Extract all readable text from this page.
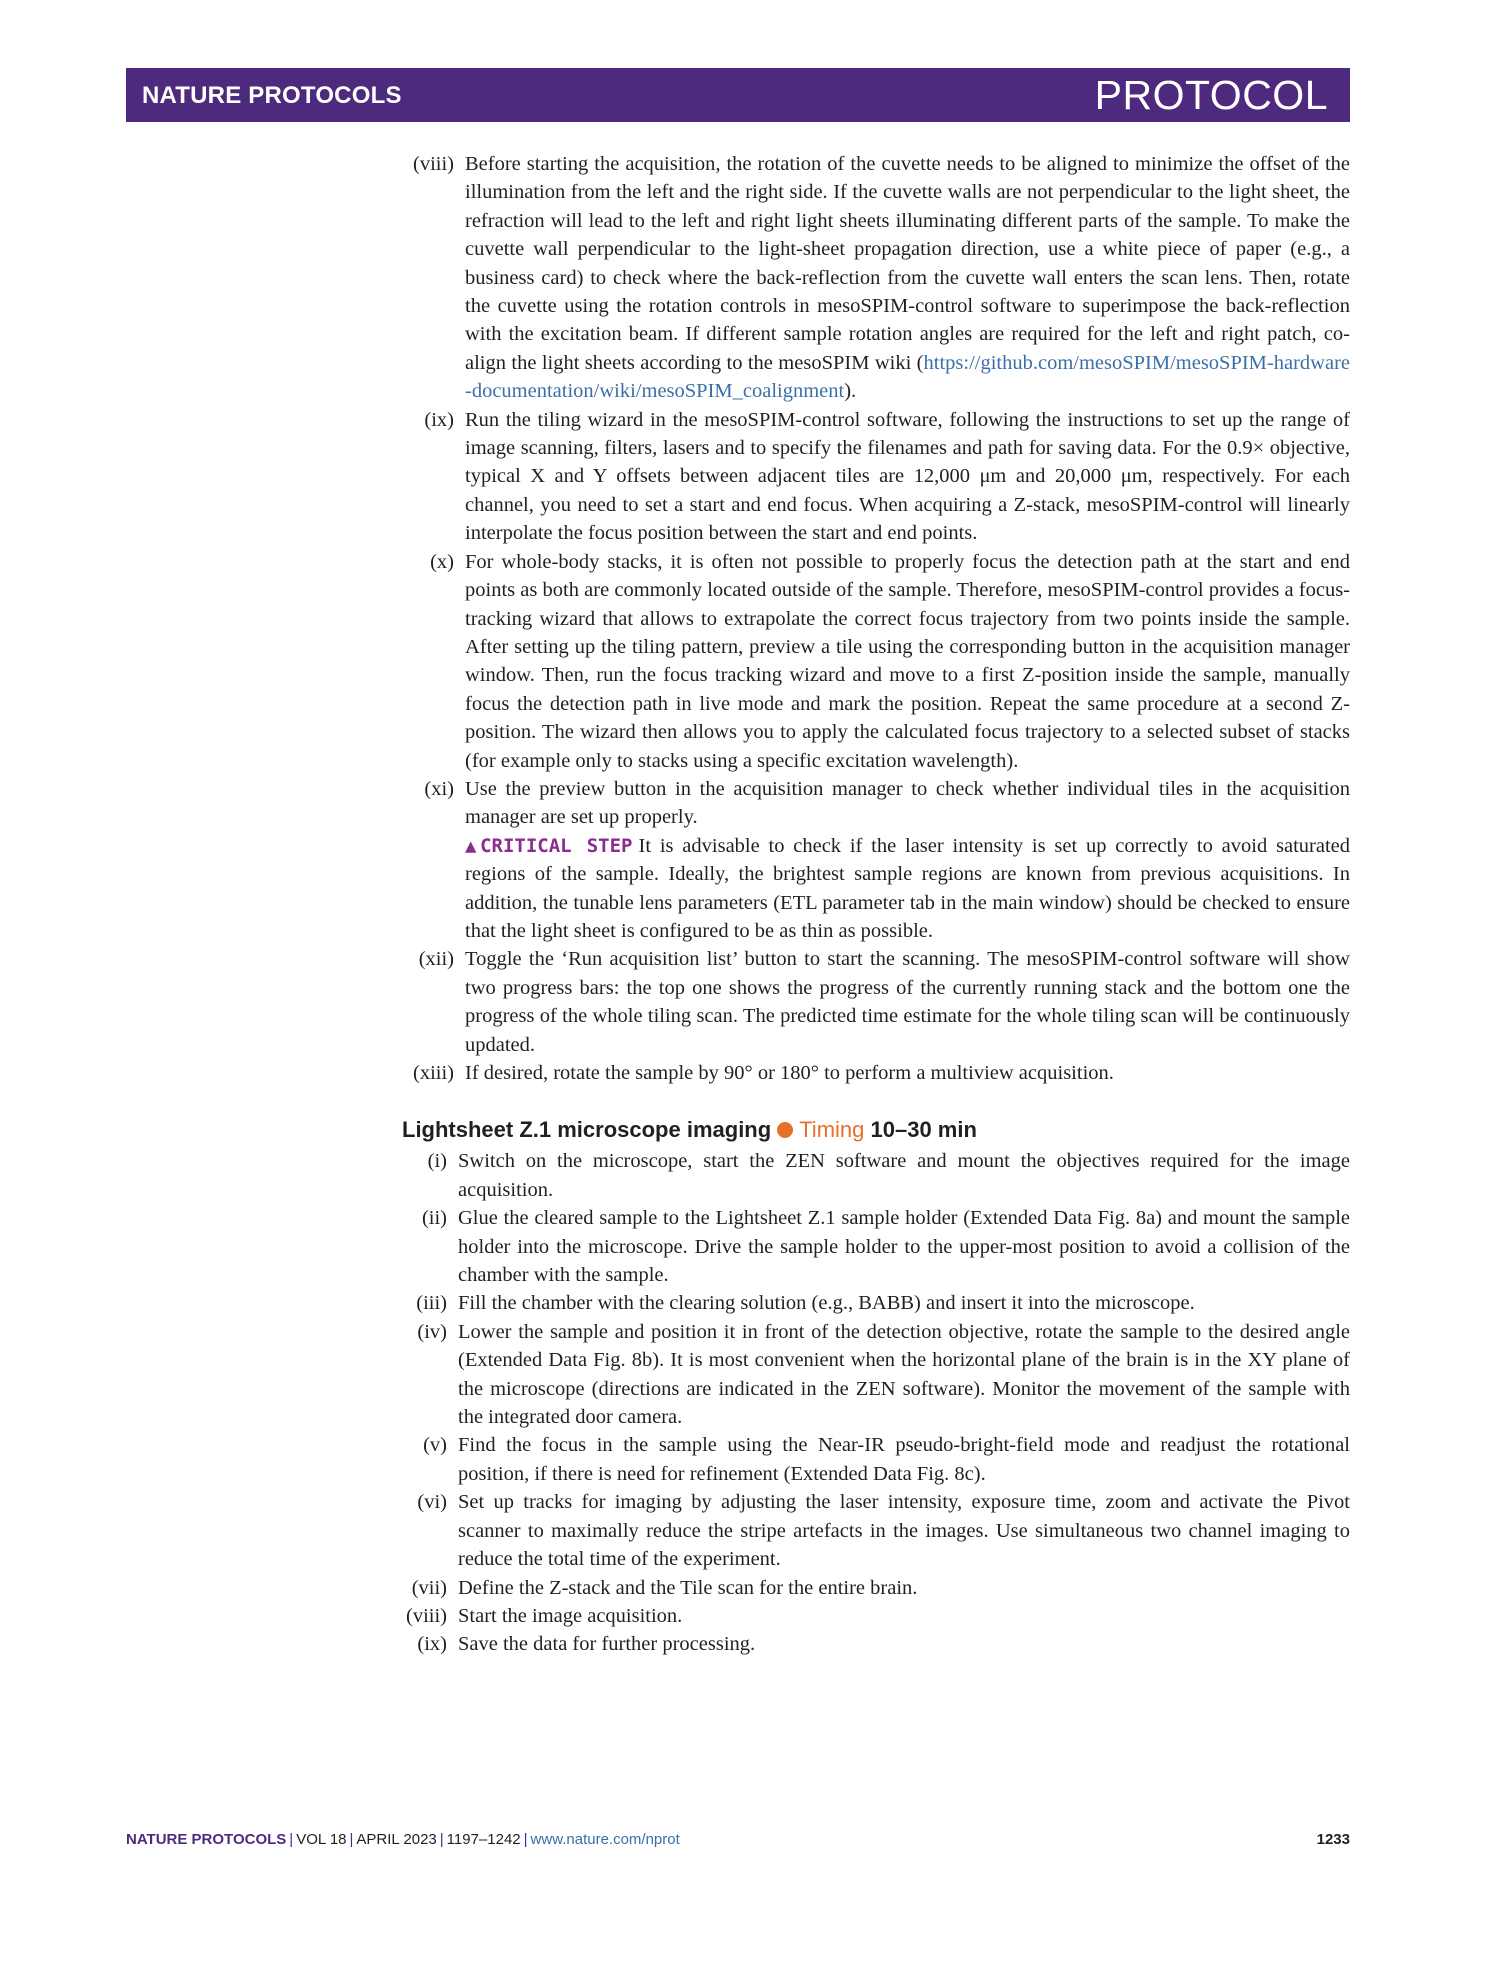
NATURE PROTOCOLS	PROTOCOL
(viii) Before starting the acquisition, the rotation of the cuvette needs to be aligned to minimize the offset of the illumination from the left and the right side. If the cuvette walls are not perpendicular to the light sheet, the refraction will lead to the left and right light sheets illuminating different parts of the sample. To make the cuvette wall perpendicular to the light-sheet propagation direction, use a white piece of paper (e.g., a business card) to check where the back-reflection from the cuvette wall enters the scan lens. Then, rotate the cuvette using the rotation controls in mesoSPIM-control software to superimpose the back-reflection with the excitation beam. If different sample rotation angles are required for the left and right patch, co-align the light sheets according to the mesoSPIM wiki (https://github.com/mesoSPIM/mesoSPIM-hardware-documentation/wiki/mesoSPIM_coalignment).

(ix) Run the tiling wizard in the mesoSPIM-control software, following the instructions to set up the range of image scanning, filters, lasers and to specify the filenames and path for saving data. For the 0.9× objective, typical X and Y offsets between adjacent tiles are 12,000 μm and 20,000 μm, respectively. For each channel, you need to set a start and end focus. When acquiring a Z-stack, mesoSPIM-control will linearly interpolate the focus position between the start and end points.

(x) For whole-body stacks, it is often not possible to properly focus the detection path at the start and end points as both are commonly located outside of the sample. Therefore, mesoSPIM-control provides a focus-tracking wizard that allows to extrapolate the correct focus trajectory from two points inside the sample. After setting up the tiling pattern, preview a tile using the corresponding button in the acquisition manager window. Then, run the focus tracking wizard and move to a first Z-position inside the sample, manually focus the detection path in live mode and mark the position. Repeat the same procedure at a second Z-position. The wizard then allows you to apply the calculated focus trajectory to a selected subset of stacks (for example only to stacks using a specific excitation wavelength).

(xi) Use the preview button in the acquisition manager to check whether individual tiles in the acquisition manager are set up properly.

▲CRITICAL STEP It is advisable to check if the laser intensity is set up correctly to avoid saturated regions of the sample. Ideally, the brightest sample regions are known from previous acquisitions. In addition, the tunable lens parameters (ETL parameter tab in the main window) should be checked to ensure that the light sheet is configured to be as thin as possible.

(xii) Toggle the ‘Run acquisition list’ button to start the scanning. The mesoSPIM-control software will show two progress bars: the top one shows the progress of the currently running stack and the bottom one the progress of the whole tiling scan. The predicted time estimate for the whole tiling scan will be continuously updated.

(xiii) If desired, rotate the sample by 90° or 180° to perform a multiview acquisition.

Lightsheet Z.1 microscope imaging Timing 10–30 min
(i) Switch on the microscope, start the ZEN software and mount the objectives required for the image acquisition.

(ii) Glue the cleared sample to the Lightsheet Z.1 sample holder (Extended Data Fig. 8a) and mount the sample holder into the microscope. Drive the sample holder to the upper-most position to avoid a collision of the chamber with the sample.

(iii) Fill the chamber with the clearing solution (e.g., BABB) and insert it into the microscope.

(iv) Lower the sample and position it in front of the detection objective, rotate the sample to the desired angle (Extended Data Fig. 8b). It is most convenient when the horizontal plane of the brain is in the XY plane of the microscope (directions are indicated in the ZEN software). Monitor the movement of the sample with the integrated door camera.

(v) Find the focus in the sample using the Near-IR pseudo-bright-field mode and readjust the rotational position, if there is need for refinement (Extended Data Fig. 8c).

(vi) Set up tracks for imaging by adjusting the laser intensity, exposure time, zoom and activate the Pivot scanner to maximally reduce the stripe artefacts in the images. Use simultaneous two channel imaging to reduce the total time of the experiment.

(vii) Define the Z-stack and the Tile scan for the entire brain.

(viii) Start the image acquisition.

(ix) Save the data for further processing.

NATURE PROTOCOLS | VOL 18 | APRIL 2023 | 1197–1242 | www.nature.com/nprot	1233
